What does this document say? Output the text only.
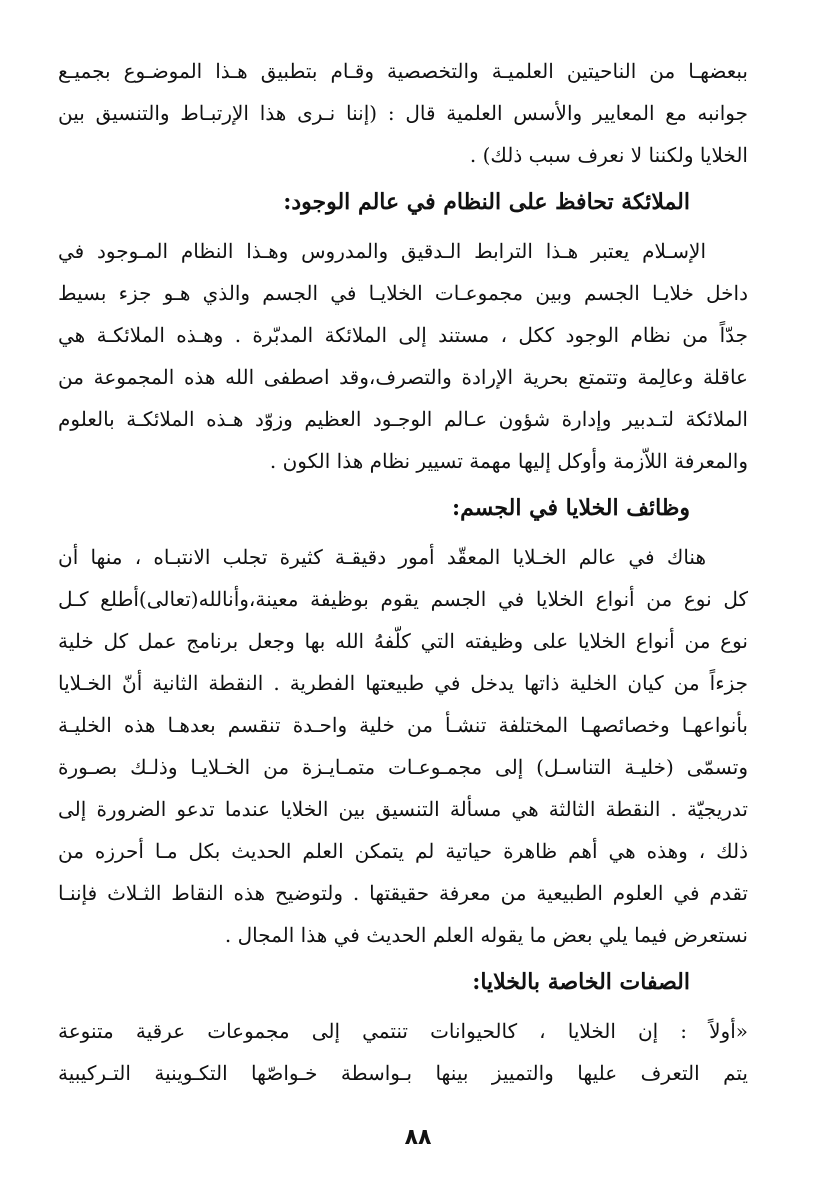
ببعضهـا من الناحيتين العلميـة والتخصصية وقـام بتطبيق هـذا الموضـوع بجميـع
جوانبه مع المعايير والأسس العلمية قال : (إننا نـرى هذا الإرتبـاط والتنسيق بين
الخلايا ولكننا لا نعرف سبب ذلك) .

الملائكة تحافظ على النظام في عالم الوجود:

الإسـلام يعتبر هـذا الترابط الـدقيق والمدروس وهـذا النظام المـوجود في
داخل خلايـا الجسم وبين مجموعـات الخلايـا في الجسم والذي هـو جزء بسيط
جدّاً من نظام الوجود ككل ، مستند إلى الملائكة المدبّرة . وهـذه الملائكـة هي
عاقلة وعالِمة وتتمتع بحرية الإرادة والتصرف،وقد اصطفى الله هذه المجموعة من
الملائكة لتـدبير وإدارة شؤون عـالم الوجـود العظيم وزوّد هـذه الملائكـة بالعلوم
والمعرفة اللاّزمة وأوكل إليها مهمة تسيير نظام هذا الكون .

وظائف الخلايا في الجسم:

هناك في عالم الخـلايا المعقّد أمور دقيقـة كثيرة تجلب الانتبـاه ، منها أن
كل نوع من أنواع الخلايا في الجسم يقوم بوظيفة معينة،وأنالله(تعالى)أطلع كـل
نوع من أنواع الخلايا على وظيفته التي كلّفهُ الله بها وجعل برنامج عمل كل خلية
جزءاً من كيان الخلية ذاتها يدخل في طبيعتها الفطرية . النقطة الثانية أنّ الخـلايا
بأنواعهـا وخصائصهـا المختلفة تنشـأ من خلية واحـدة تنقسم بعدهـا هذه الخليـة
وتسمّى (خليـة التناسـل) إلى مجمـوعـات متمـايـزة من الخـلايـا وذلـك بصـورة
تدريجيّة . النقطة الثالثة هي مسألة التنسيق بين الخلايا عندما تدعو الضرورة إلى
ذلك ، وهذه هي أهم ظاهرة حياتية لم يتمكن العلم الحديث بكل مـا أحرزه من
تقدم في العلوم الطبيعية من معرفة حقيقتها . ولتوضيح هذه النقاط الثـلاث فإننـا
نستعرض فيما يلي بعض ما يقوله العلم الحديث في هذا المجال .

الصفات الخاصة بالخلايا:

«أولاً : إن الخلايا ، كالحيوانات تنتمي إلى مجموعات عرقية متنوعة
يتم التعرف عليها والتمييز بينها بـواسطة خـواصّها التكـوينية التـركيبية

٨٨
